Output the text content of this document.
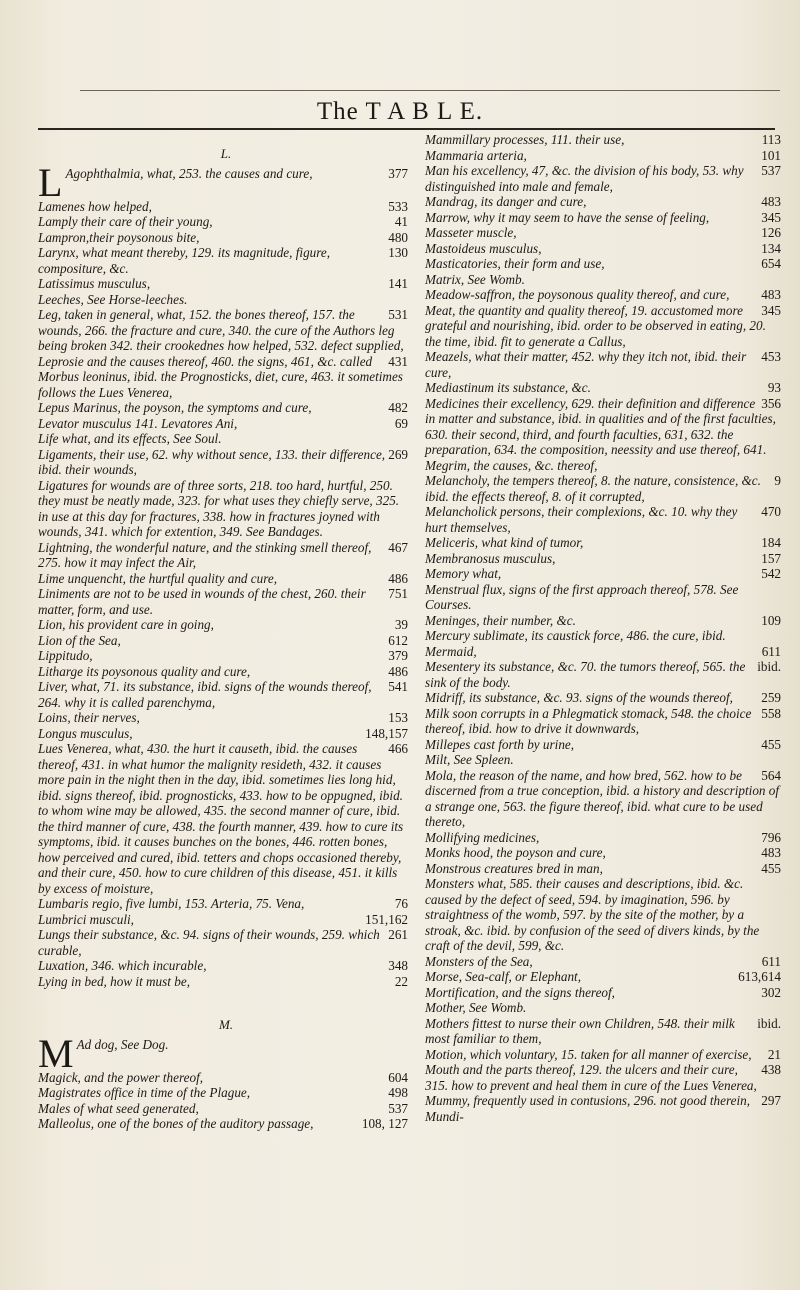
The T A B L E.
L.
L	377
Agophthalmia, what, 253. the causes and cure,
533
Lamenes how helped,
41
Lamply their care of their young,
480
Lampron,their poysonous bite,
130
Larynx, what meant thereby, 129. its magnitude, figure, compositure, &c.
141
Latissimus musculus,
Leeches, See Horse-leeches.
531
Leg, taken in general, what, 152. the bones thereof, 157. the wounds, 266. the fracture and cure, 340. the cure of the Authors leg being broken 342. their crookednes how helped, 532. defect supplied,
431
Leprosie and the causes thereof, 460. the signs, 461, &c. called Morbus leoninus, ibid. the Prognosticks, diet, cure, 463. it sometimes follows the Lues Venerea,
482
Lepus Marinus, the poyson, the symptoms and cure,
69
Levator musculus 141. Levatores Ani,
Life what, and its effects, See Soul.
269
Ligaments, their use, 62. why without sence, 133. their difference, ibid. their wounds,
Ligatures for wounds are of three sorts, 218. too hard, hurtful, 250. they must be neatly made, 323. for what uses they chiefly serve, 325. in use at this day for fractures, 338. how in fractures joyned with wounds, 341. which for extention, 349. See Bandages.
467
Lightning, the wonderful nature, and the stinking smell thereof, 275. how it may infect the Air,
486
Lime unquencht, the hurtful quality and cure,
751
Liniments are not to be used in wounds of the chest, 260. their matter, form, and use.
39
Lion, his provident care in going,
612
Lion of the Sea,
379
Lippitudo,
486
Litharge its poysonous quality and cure,
541
Liver, what, 71. its substance, ibid. signs of the wounds thereof, 264. why it is called parenchyma,
153
Loins, their nerves,
148,157
Longus musculus,
466
Lues Venerea, what, 430. the hurt it causeth, ibid. the causes thereof, 431. in what humor the malignity resideth, 432. it causes more pain in the night then in the day, ibid. sometimes lies long hid, ibid. signs thereof, ibid. prognosticks, 433. how to be oppugned, ibid. to whom wine may be allowed, 435. the second manner of cure, ibid. the third manner of cure, 438. the fourth manner, 439. how to cure its symptoms, ibid. it causes bunches on the bones, 446. rotten bones, how perceived and cured, ibid. tetters and chops occasioned thereby, and their cure, 450. how to cure children of this disease, 451. it kills by excess of moisture,
76
Lumbaris regio, five lumbi, 153. Arteria, 75. Vena,
151,162
Lumbrici musculi,
261
Lungs their substance, &c. 94. signs of their wounds, 259. which curable,
348
Luxation, 346. which incurable,
22
Lying in bed, how it must be,
M.
M Ad dog, See Dog.
604
Magick, and the power thereof,
498
Magistrates office in time of the Plague,
537
Males of what seed generated,
108, 127
Malleolus, one of the bones of the auditory passage,
113
Mammillary processes, 111. their use,
101
Mammaria arteria,
537
Man his excellency, 47, &c. the division of his body, 53. why distinguished into male and female,
483
Mandrag, its danger and cure,
345
Marrow, why it may seem to have the sense of feeling,
126
Masseter muscle,
134
Mastoideus musculus,
654
Masticatories, their form and use,
Matrix, See Womb.
483
Meadow-saffron, the poysonous quality thereof, and cure,
345
Meat, the quantity and quality thereof, 19. accustomed more grateful and nourishing, ibid. order to be observed in eating, 20. the time, ibid. fit to generate a Callus,
453
Meazels, what their matter, 452. why they itch not, ibid. their cure,
93
Mediastinum its substance, &c.
356
Medicines their excellency, 629. their definition and difference in matter and substance, ibid. in qualities and of the first faculties, 630. their second, third, and fourth faculties, 631, 632. the preparation, 634. the composition, neessity and use thereof, 641. Megrim, the causes, &c. thereof,
9
Melancholy, the tempers thereof, 8. the nature, consistence, &c. ibid. the effects thereof, 8. of it corrupted,
470
Melancholick persons, their complexions, &c. 10. why they hurt themselves,
184
Meliceris, what kind of tumor,
157
Membranosus musculus,
542
Memory what,
Menstrual flux, signs of the first approach thereof, 578. See Courses.
109
Meninges, their number, &c.
Mercury sublimate, its caustick force, 486. the cure, ibid.
611
Mermaid,
ibid.
Mesentery its substance, &c. 70. the tumors thereof, 565. the sink of the body.
259
Midriff, its substance, &c. 93. signs of the wounds thereof,
558
Milk soon corrupts in a Phlegmatick stomack, 548. the choice thereof, ibid. how to drive it downwards,
455
Millepes cast forth by urine,
Milt, See Spleen.
564
Mola, the reason of the name, and how bred, 562. how to be discerned from a true conception, ibid. a history and description of a strange one, 563. the figure thereof, ibid. what cure to be used thereto,
796
Mollifying medicines,
483
Monks hood, the poyson and cure,
455
Monstrous creatures bred in man,
Monsters what, 585. their causes and descriptions, ibid. &c. caused by the defect of seed, 594. by imagination, 596. by straightness of the womb, 597. by the site of the mother, by a stroak, &c. ibid. by confusion of the seed of divers kinds, by the craft of the devil, 599, &c.
611
Monsters of the Sea,
613,614
Morse, Sea-calf, or Elephant,
302
Mortification, and the signs thereof,
Mother, See Womb.
ibid.
Mothers fittest to nurse their own Children, 548. their milk most familiar to them,
21
Motion, which voluntary, 15. taken for all manner of exercise,
438
Mouth and the parts thereof, 129. the ulcers and their cure, 315. how to prevent and heal them in cure of the Lues Venerea,
297
Mummy, frequently used in contusions, 296. not good therein,
Mundi-
